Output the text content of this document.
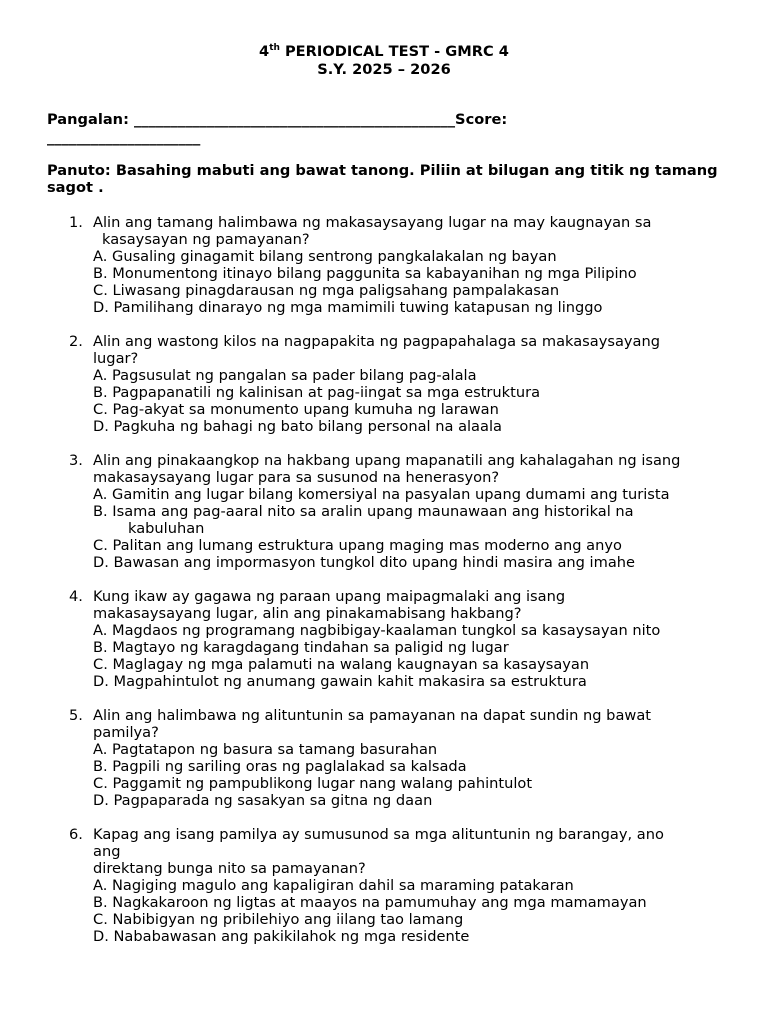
4th PERIODICAL TEST - GMRC 4
S.Y. 2025 – 2026
Pangalan: ____________________________________________Score:
_____________________
Panuto: Basahing mabuti ang bawat tanong. Piliin at bilugan ang titik ng tamang sagot .
1. Alin ang tamang halimbawa ng makasaysayang lugar na may kaugnayan sa
kasaysayan ng pamayanan?
A. Gusaling ginagamit bilang sentrong pangkalakalan ng bayan
B. Monumentong itinayo bilang paggunita sa kabayanihan ng mga Pilipino
C. Liwasang pinagdarausan ng mga paligsahang pampalakasan
D. Pamilihang dinarayo ng mga mamimili tuwing katapusan ng linggo
2. Alin ang wastong kilos na nagpapakita ng pagpapahalaga sa makasaysayang
lugar?
A. Pagsusulat ng pangalan sa pader bilang pag-alala
B. Pagpapanatili ng kalinisan at pag-iingat sa mga estruktura
C. Pag-akyat sa monumento upang kumuha ng larawan
D. Pagkuha ng bahagi ng bato bilang personal na alaala
3. Alin ang pinakaangkop na hakbang upang mapanatili ang kahalagahan ng isang
makasaysayang lugar para sa susunod na henerasyon?
A. Gamitin ang lugar bilang komersiyal na pasyalan upang dumami ang turista
B. Isama ang pag-aaral nito sa aralin upang maunawaan ang historikal na
kabuluhan
C. Palitan ang lumang estruktura upang maging mas moderno ang anyo
D. Bawasan ang impormasyon tungkol dito upang hindi masira ang imahe
4. Kung ikaw ay gagawa ng paraan upang maipagmalaki ang isang
makasaysayang lugar, alin ang pinakamabisang hakbang?
A. Magdaos ng programang nagbibigay-kaalaman tungkol sa kasaysayan nito
B. Magtayo ng karagdagang tindahan sa paligid ng lugar
C. Maglagay ng mga palamuti na walang kaugnayan sa kasaysayan
D. Magpahintulot ng anumang gawain kahit makasira sa estruktura
5. Alin ang halimbawa ng alituntunin sa pamayanan na dapat sundin ng bawat
pamilya?
A. Pagtatapon ng basura sa tamang basurahan
B. Pagpili ng sariling oras ng paglalakad sa kalsada
C. Paggamit ng pampublikong lugar nang walang pahintulot
D. Pagpaparada ng sasakyan sa gitna ng daan
6. Kapag ang isang pamilya ay sumusunod sa mga alituntunin ng barangay, ano
ang
direktang bunga nito sa pamayanan?
A. Nagiging magulo ang kapaligiran dahil sa maraming patakaran
B. Nagkakaroon ng ligtas at maayos na pamumuhay ang mga mamamayan
C. Nabibigyan ng pribilehiyo ang iilang tao lamang
D. Nababawasan ang pakikilahok ng mga residente
